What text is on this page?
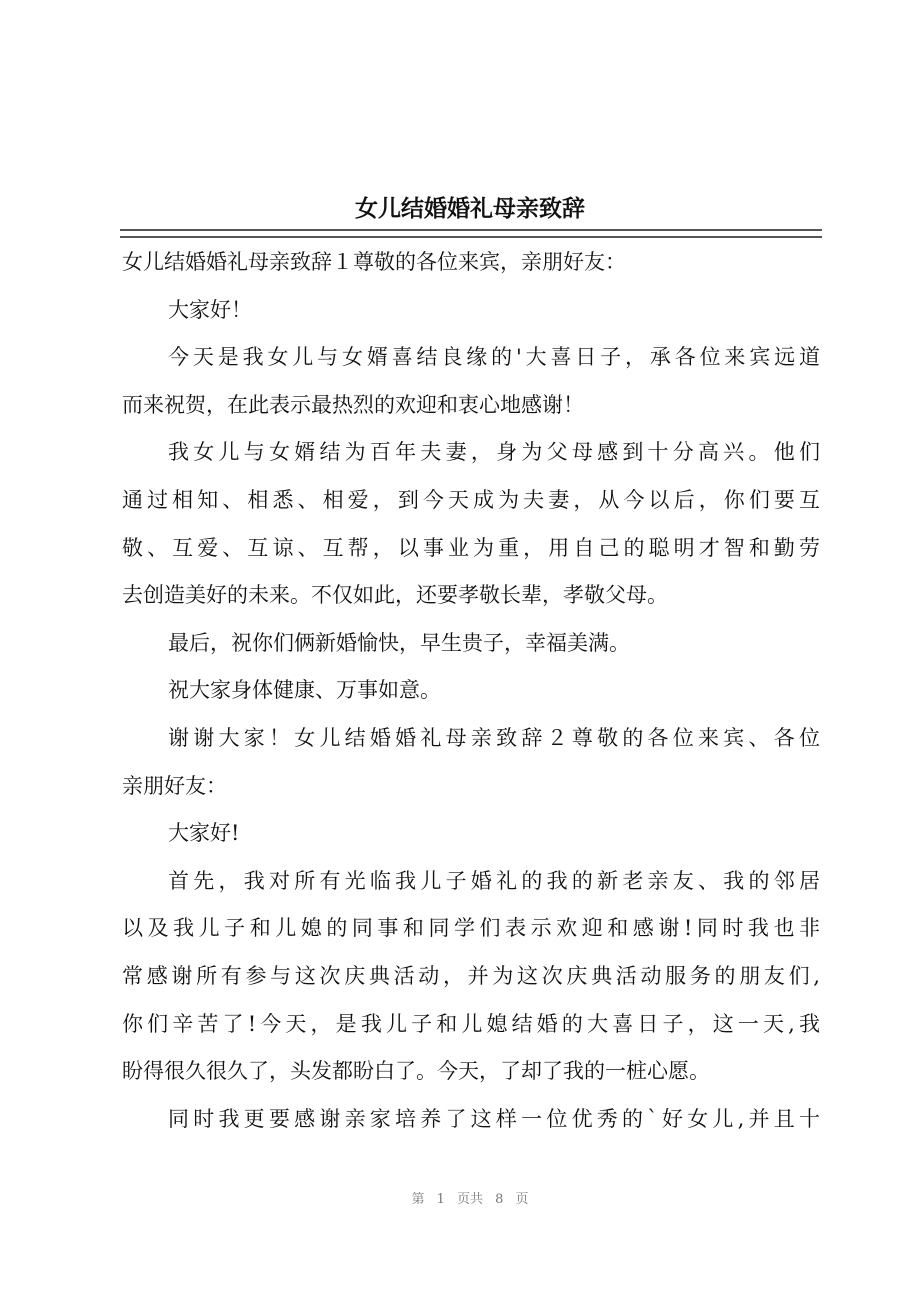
女儿结婚婚礼母亲致辞
女儿结婚婚礼母亲致辞１尊敬的各位来宾，亲朋好友：
大家好！
今天是我女儿与女婿喜结良缘的'大喜日子，承各位来宾远道
而来祝贺，在此表示最热烈的欢迎和衷心地感谢！
我女儿与女婿结为百年夫妻，身为父母感到十分高兴。他们
通过相知、相悉、相爱，到今天成为夫妻，从今以后，你们要互
敬、互爱、互谅、互帮，以事业为重，用自己的聪明才智和勤劳
去创造美好的未来。不仅如此，还要孝敬长辈，孝敬父母。
最后，祝你们俩新婚愉快，早生贵子，幸福美满。
祝大家身体健康、万事如意。
谢谢大家！女儿结婚婚礼母亲致辞２尊敬的各位来宾、各位
亲朋好友：
大家好!
首先，我对所有光临我儿子婚礼的我的新老亲友、我的邻居
以及我儿子和儿媳的同事和同学们表示欢迎和感谢!同时我也非
常感谢所有参与这次庆典活动，并为这次庆典活动服务的朋友们,
你们辛苦了!今天，是我儿子和儿媳结婚的大喜日子，这一天,我
盼得很久很久了，头发都盼白了。今天，了却了我的一桩心愿。
同时我更要感谢亲家培养了这样一位优秀的`好女儿,并且十
第 1 页共 8 页
